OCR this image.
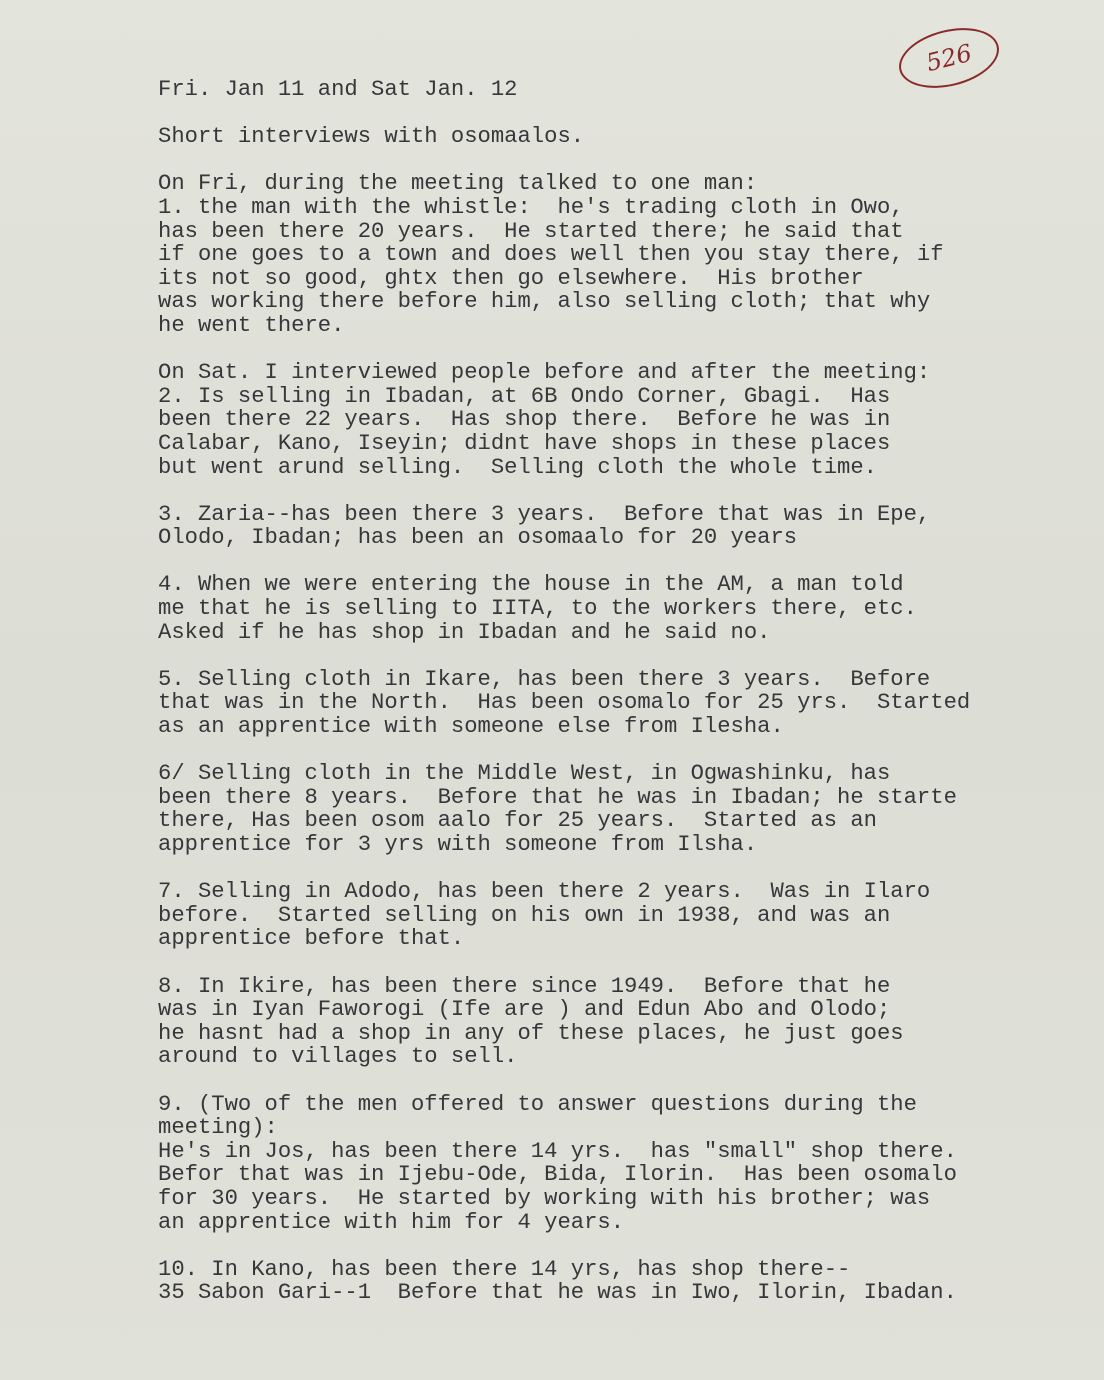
526
Fri. Jan 11 and Sat Jan. 12
Short interviews with osomaalos.
On Fri, during the meeting talked to one man:
1. the man with the whistle:  he's trading cloth in Owo,
has been there 20 years.  He started there; he said that
if one goes to a town and does well then you stay there, if
its not so good, ghtx then go elsewhere.  His brother
was working there before him, also selling cloth; that why
he went there.
On Sat. I interviewed people before and after the meeting:
2. Is selling in Ibadan, at 6B Ondo Corner, Gbagi.  Has
been there 22 years.  Has shop there.  Before he was in
Calabar, Kano, Iseyin; didnt have shops in these places
but went arund selling.  Selling cloth the whole time.
3. Zaria--has been there 3 years.  Before that was in Epe,
Olodo, Ibadan; has been an osomaalo for 20 years
4. When we were entering the house in the AM, a man told
me that he is selling to IITA, to the workers there, etc.
Asked if he has shop in Ibadan and he said no.
5. Selling cloth in Ikare, has been there 3 years.  Before
that was in the North.  Has been osomalo for 25 yrs.  Started
as an apprentice with someone else from Ilesha.
6/ Selling cloth in the Middle West, in Ogwashinku, has
been there 8 years.  Before that he was in Ibadan; he starte
there, Has been osom aalo for 25 years.  Started as an
apprentice for 3 yrs with someone from Ilsha.
7. Selling in Adodo, has been there 2 years.  Was in Ilaro
before.  Started selling on his own in 1938, and was an
apprentice before that.
8. In Ikire, has been there since 1949.  Before that he
was in Iyan Faworogi (Ife are ) and Edun Abo and Olodo;
he hasnt had a shop in any of these places, he just goes
around to villages to sell.
9. (Two of the men offered to answer questions during the
meeting):
He's in Jos, has been there 14 yrs.  has "small" shop there.
Befor that was in Ijebu-Ode, Bida, Ilorin.  Has been osomalo
for 30 years.  He started by working with his brother; was
an apprentice with him for 4 years.
10. In Kano, has been there 14 yrs, has shop there--
35 Sabon Gari--1  Before that he was in Iwo, Ilorin, Ibadan.
